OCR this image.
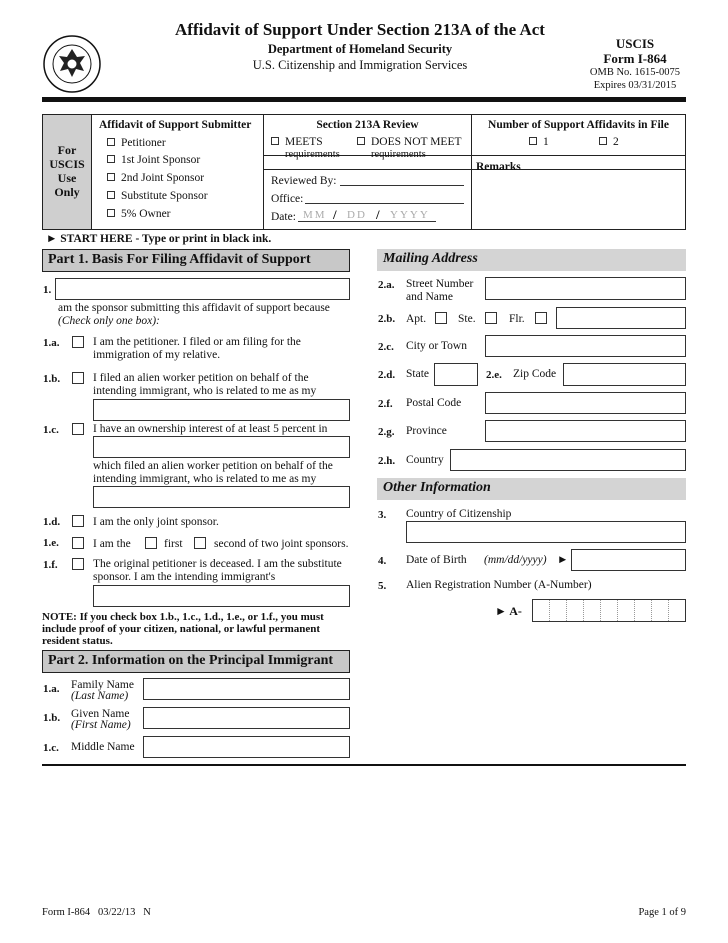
Affidavit of Support Under Section 213A of the Act
Department of Homeland Security
U.S. Citizenship and Immigration Services
USCIS
Form I-864
OMB No. 1615-0075
Expires 03/31/2015
For
USCIS
Use
Only
Affidavit of Support Submitter
Petitioner
1st Joint Sponsor
2nd Joint Sponsor
Substitute Sponsor
5% Owner
Section 213A Review
MEETS
requirements
DOES NOT MEET
requirements
Reviewed By:
Office:
Date: MM / DD / YYYY
Number of Support Affidavits in File
1	2
Remarks
► START HERE - Type or print in black ink.
Part 1. Basis For Filing Affidavit of Support
1.
am the sponsor submitting this affidavit of support because
(Check only one box):
1.a.	I am the petitioner. I filed or am filing for the immigration of my relative.
1.b.	I filed an alien worker petition on behalf of the intending immigrant, who is related to me as my
1.c.	I have an ownership interest of at least 5 percent in
which filed an alien worker petition on behalf of the intending immigrant, who is related to me as my
1.d.	I am the only joint sponsor.
1.e.	I am the	first	second of two joint sponsors.
1.f.	The original petitioner is deceased. I am the substitute sponsor. I am the intending immigrant's
NOTE: If you check box 1.b., 1.c., 1.d., 1.e., or 1.f., you must include proof of your citizen, national, or lawful permanent resident status.
Part 2. Information on the Principal Immigrant
1.a. Family Name
(Last Name)
1.b. Given Name
(First Name)
1.c. Middle Name
Mailing Address
2.a. Street Number and Name
2.b. Apt.	Ste.	Flr.
2.c. City or Town
2.d. State	2.e. Zip Code
2.f. Postal Code
2.g. Province
2.h. Country
Other Information
3. Country of Citizenship
4. Date of Birth (mm/dd/yyyy) ►
5. Alien Registration Number (A-Number)
► A-
Form I-864   03/22/13   N	Page 1 of 9
